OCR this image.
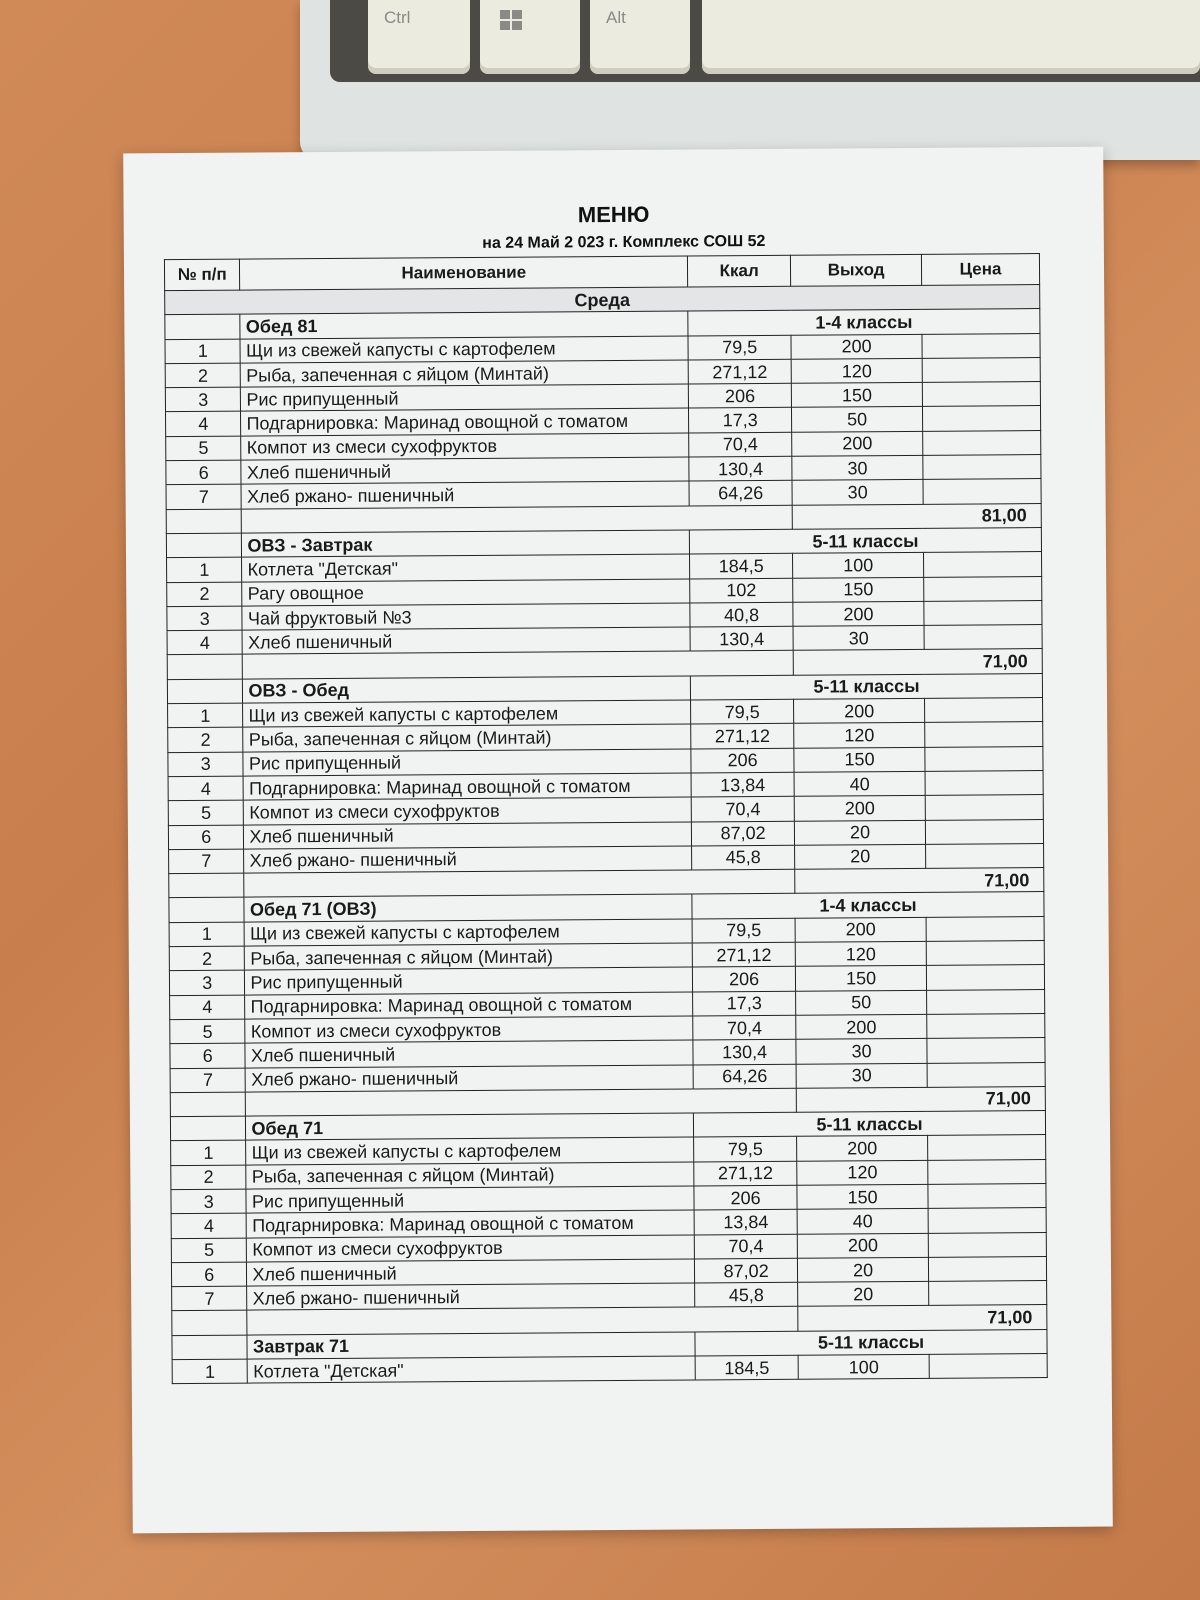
Ctrl	Alt
МЕНЮ
на 24 Май 2 023 г. Комплекс СОШ 52
№ п/п	Наименование	Ккал	Выход	Цена
Среда				
	Обед 81	1-4 классы		
1	Щи из свежей капусты с картофелем	79,5	200	
2	Рыба, запеченная с яйцом (Минтай)	271,12	120	
3	Рис припущенный	206	150	
4	Подгарнировка: Маринад овощной с томатом	17,3	50	
5	Компот из смеси сухофруктов	70,4	200	
6	Хлеб пшеничный	130,4	30	
7	Хлеб ржано- пшеничный	64,26	30	
			81,00	
	ОВЗ - Завтрак	5-11 классы		
1	Котлета "Детская"	184,5	100	
2	Рагу овощное	102	150	
3	Чай фруктовый №3	40,8	200	
4	Хлеб пшеничный	130,4	30	
			71,00	
	ОВЗ - Обед	5-11 классы		
1	Щи из свежей капусты с картофелем	79,5	200	
2	Рыба, запеченная с яйцом (Минтай)	271,12	120	
3	Рис припущенный	206	150	
4	Подгарнировка: Маринад овощной с томатом	13,84	40	
5	Компот из смеси сухофруктов	70,4	200	
6	Хлеб пшеничный	87,02	20	
7	Хлеб ржано- пшеничный	45,8	20	
			71,00	
	Обед 71 (ОВЗ)	1-4 классы		
1	Щи из свежей капусты с картофелем	79,5	200	
2	Рыба, запеченная с яйцом (Минтай)	271,12	120	
3	Рис припущенный	206	150	
4	Подгарнировка: Маринад овощной с томатом	17,3	50	
5	Компот из смеси сухофруктов	70,4	200	
6	Хлеб пшеничный	130,4	30	
7	Хлеб ржано- пшеничный	64,26	30	
			71,00	
	Обед 71	5-11 классы		
1	Щи из свежей капусты с картофелем	79,5	200	
2	Рыба, запеченная с яйцом (Минтай)	271,12	120	
3	Рис припущенный	206	150	
4	Подгарнировка: Маринад овощной с томатом	13,84	40	
5	Компот из смеси сухофруктов	70,4	200	
6	Хлеб пшеничный	87,02	20	
7	Хлеб ржано- пшеничный	45,8	20	
			71,00	
	Завтрак 71	5-11 классы		
1	Котлета "Детская"	184,5	100	
